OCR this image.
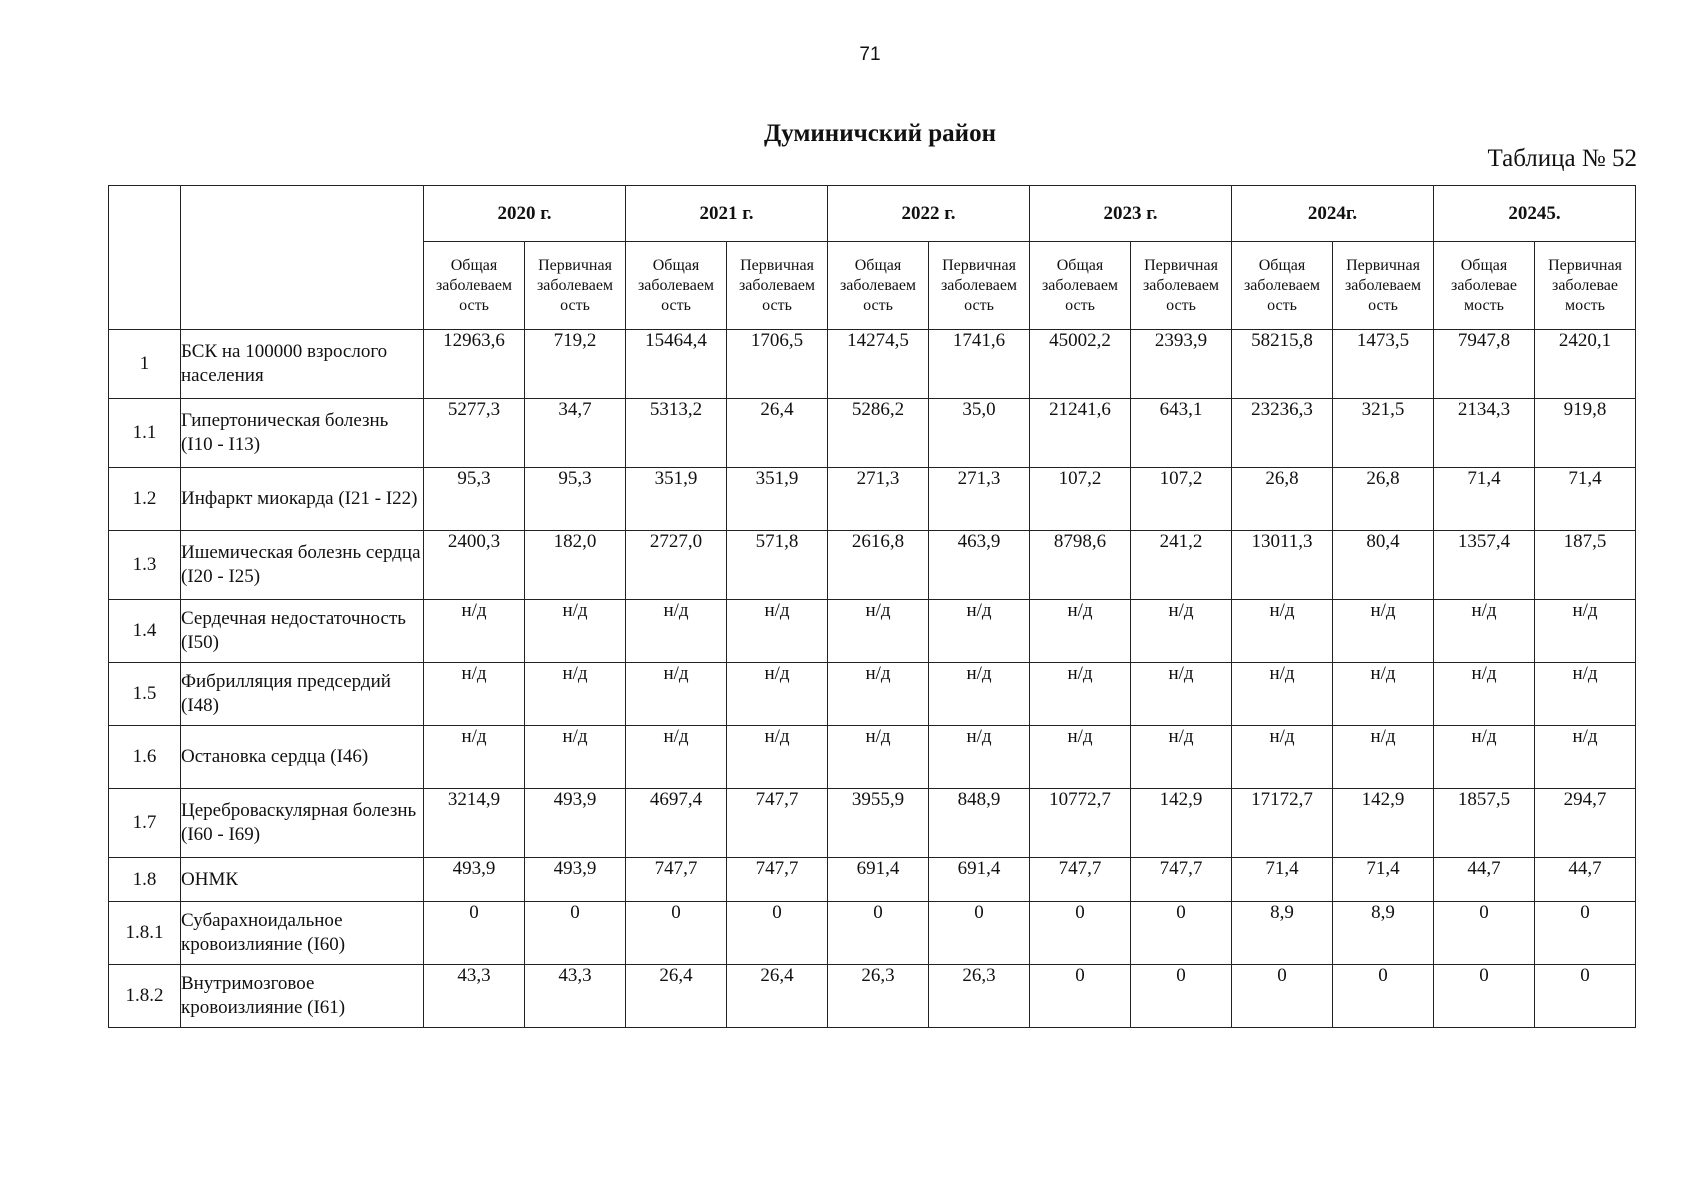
71
Думиничский район
Таблица № 52
		2020 г.		2021 г.		2022 г.		2023 г.		2024г.		20245.	
		Общая заболеваем ость	Первичная заболеваем ость	Общая заболеваем ость	Первичная заболеваем ость	Общая заболеваем ость	Первичная заболеваем ость	Общая заболеваем ость	Первичная заболеваем ость	Общая заболеваем ость	Первичная заболеваем ость	Общая заболевае мость	Первичная заболевае мость
1	БСК на 100000 взрослого населения	12963,6	719,2	15464,4	1706,5	14274,5	1741,6	45002,2	2393,9	58215,8	1473,5	7947,8	2420,1
1.1	Гипертоническая болезнь (I10 - I13)	5277,3	34,7	5313,2	26,4	5286,2	35,0	21241,6	643,1	23236,3	321,5	2134,3	919,8
1.2	Инфаркт миокарда (I21 - I22)	95,3	95,3	351,9	351,9	271,3	271,3	107,2	107,2	26,8	26,8	71,4	71,4
1.3	Ишемическая болезнь сердца (I20 - I25)	2400,3	182,0	2727,0	571,8	2616,8	463,9	8798,6	241,2	13011,3	80,4	1357,4	187,5
1.4	Сердечная недостаточность (I50)	н/д	н/д	н/д	н/д	н/д	н/д	н/д	н/д	н/д	н/д	н/д	н/д
1.5	Фибрилляция предсердий (I48)	н/д	н/д	н/д	н/д	н/д	н/д	н/д	н/д	н/д	н/д	н/д	н/д
1.6	Остановка сердца (I46)	н/д	н/д	н/д	н/д	н/д	н/д	н/д	н/д	н/д	н/д	н/д	н/д
1.7	Цереброваскулярная болезнь (I60 - I69)	3214,9	493,9	4697,4	747,7	3955,9	848,9	10772,7	142,9	17172,7	142,9	1857,5	294,7
1.8	ОНМК	493,9	493,9	747,7	747,7	691,4	691,4	747,7	747,7	71,4	71,4	44,7	44,7
1.8.1	Субарахноидальное кровоизлияние (I60)	0	0	0	0	0	0	0	0	8,9	8,9	0	0
1.8.2	Внутримозговое кровоизлияние (I61)	43,3	43,3	26,4	26,4	26,3	26,3	0	0	0	0	0	0
